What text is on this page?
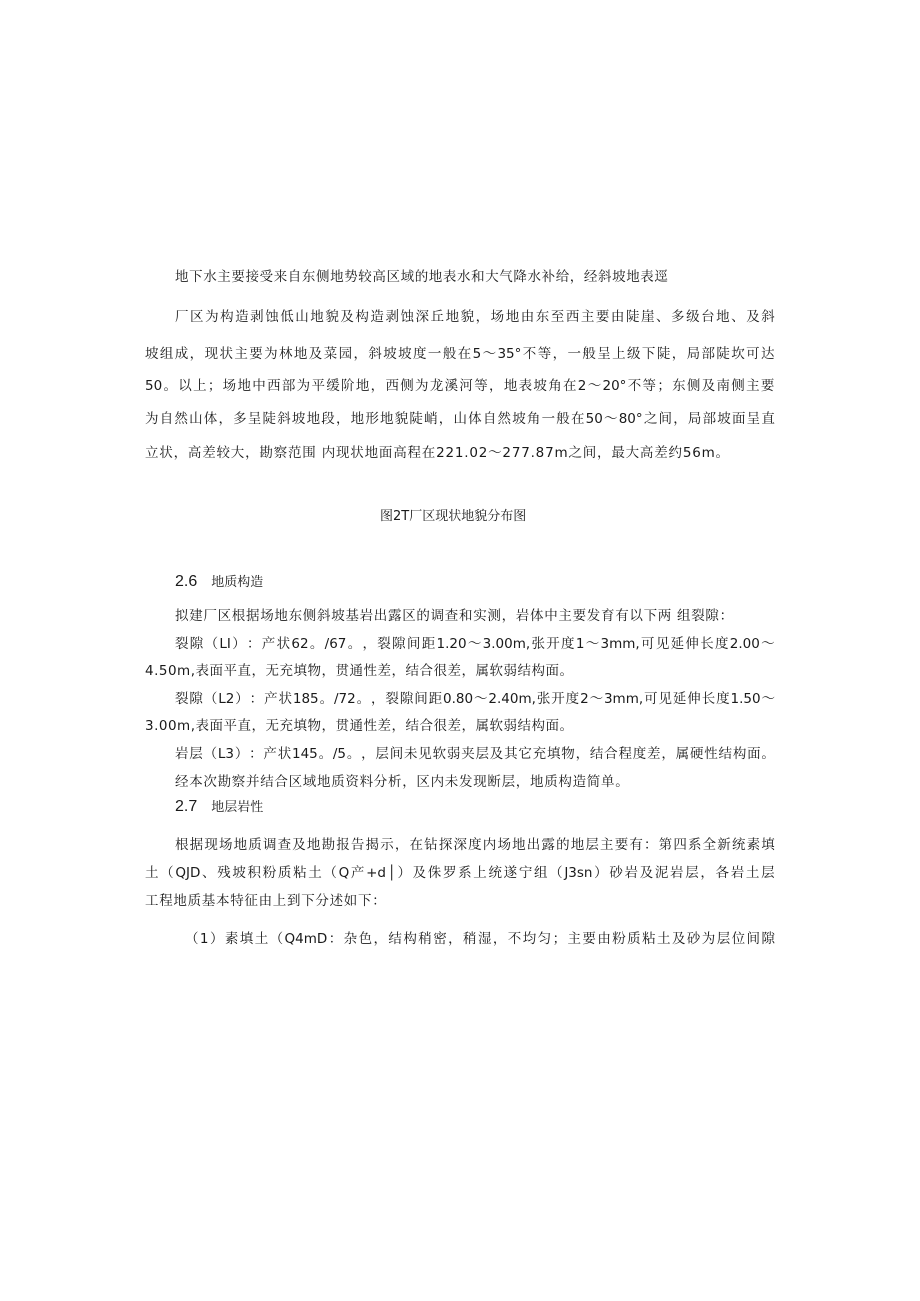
地下水主要接受来自东侧地势较高区域的地表水和大气降水补给，经斜坡地表逕
厂 区 为 构 造 剥 蚀 低 山 地 貌 及 构 造 剥 蚀 深 丘 地 貌 ， 场 地 由 东 至 西 主 要 由 陡 崖 、 多 级 台 地 、 及 斜
坡 组 成 ， 现 状 主 要 为 林 地 及 菜 园 ， 斜 坡 坡 度 一 般 在 5 ～ 35° 不 等 ， 一 般 呈 上 级 下 陡 ， 局 部 陡 坎 可 达
50 。 以 上 ； 场 地 中 西 部 为 平 缓 阶 地 ， 西 侧 为 龙 溪 河 等 ， 地 表 坡 角 在 2 ～ 20° 不 等 ； 东 侧 及 南 侧 主 要
为 自 然 山 体 ， 多 呈 陡 斜 坡 地 段 ， 地 形 地 貌 陡 峭 ， 山 体 自 然 坡 角 一 般 在 50 ～ 80° 之 间 ， 局 部 坡 面 呈 直
立状，高差较大，勘察范围 内现状地面高程在221.02～277.87m之间，最大高差约56m。
图2T厂区现状地貌分布图
2.6 地质构造
拟建厂区根据场地东侧斜坡基岩出露区的调查和实测，岩体中主要发育有以下两 组裂隙：
裂 隙 （ LI ） ： 产 状 62 。 /67 。 ， 裂 隙 间 距 1.20 ～ 3.00m, 张 开 度 1 ～ 3mm, 可 见 延 伸 长 度 2.00 ～
4.50m,表面平直，无充填物，贯通性差，结合很差，属软弱结构面。
裂 隙 （ L2 ） ： 产 状 185 。 /72 。 ， 裂 隙 间 距 0.80 ～ 2.40m, 张 开 度 2 ～ 3mm, 可 见 延 伸 长 度 1.50 ～
3.00m,表面平直，无充填物，贯通性差，结合很差，属软弱结构面。
岩 层 （ L3 ） ： 产 状 145 。 /5 。 ， 层 间 未 见 软 弱 夹 层 及 其 它 充 填 物 ， 结 合 程 度 差 ， 属 硬 性 结 构 面 。
经本次勘察并结合区域地质资料分析，区内未发现断层，地质构造简单。
2.7 地层岩性
根 据 现 场 地 质 调 查 及 地 勘 报 告 揭 示 ， 在 钻 探 深 度 内 场 地 出 露 的 地 层 主 要 有 ： 第 四 系 全 新 统 素 填
土 （ QJD 、 残 坡 积 粉 质 粘 土 （ Q 产 +d │ ） 及 侏 罗 系 上 统 遂 宁 组 （ J3sn ） 砂 岩 及 泥 岩 层 ， 各 岩 土 层
工程地质基本特征由上到下分述如下：
（ 1 ） 素 填 土 （ Q4mD ： 杂 色 ， 结 构 稍 密 ， 稍 湿 ， 不 均 匀 ； 主 要 由 粉 质 粘 土 及 砂 为 层 位 间 隙
